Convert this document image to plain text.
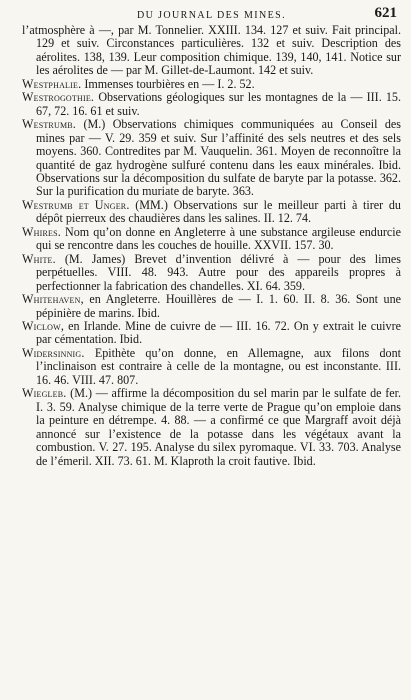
DU JOURNAL DES MINES.	621

l’atmosphère à —, par M. Tonnelier. XXIII. 134. 127 et suiv. Fait principal. 129 et suiv. Circonstances particulières. 132 et suiv. Description des aérolites. 138, 139. Leur composition chimique. 139, 140, 141. Notice sur les aérolites de — par M. Gillet-de-Laumont. 142 et suiv.

Westphalie. Immenses tourbières en — I. 2. 52.

Westrogothie. Observations géologiques sur les montagnes de la — III. 15. 67, 72. 16. 61 et suiv.

Westrumb. (M.) Observations chimiques communiquées au Conseil des mines par — V. 29. 359 et suiv. Sur l’affinité des sels neutres et des sels moyens. 360. Contredites par M. Vauquelin. 361. Moyen de reconnoître la quantité de gaz hydrogène sulfuré contenu dans les eaux minérales. Ibid. Observations sur la décomposition du sulfate de baryte par la potasse. 362. Sur la purification du muriate de baryte. 363.

Westrumb et Unger. (MM.) Observations sur le meilleur parti à tirer du dépôt pierreux des chaudières dans les salines. II. 12. 74.

Whires. Nom qu’on donne en Angleterre à une substance argileuse endurcie qui se rencontre dans les couches de houille. XXVII. 157. 30.

White. (M. James) Brevet d’invention délivré à — pour des limes perpétuelles. VIII. 48. 943. Autre pour des appareils propres à perfectionner la fabrication des chandelles. XI. 64. 359.

Whitehaven, en Angleterre. Houillères de — I. 1. 60. II. 8. 36. Sont une pépinière de marins. Ibid.

Wiclow, en Irlande. Mine de cuivre de — III. 16. 72. On y extrait le cuivre par cémentation. Ibid.

Widersinnig. Epithète qu’on donne, en Allemagne, aux filons dont l’inclinaison est contraire à celle de la montagne, ou est inconstante. III. 16. 46. VIII. 47. 807.

Wiegleb. (M.) — affirme la décomposition du sel marin par le sulfate de fer. I. 3. 59. Analyse chimique de la terre verte de Prague qu’on emploie dans la peinture en détrempe. 4. 88. — a confirmé ce que Margraff avoit déjà annoncé sur l’existence de la potasse dans les végétaux avant la combustion. V. 27. 195. Analyse du silex pyromaque. VI. 33. 703. Analyse de l’émeril. XII. 73. 61. M. Klaproth la croit fautive. Ibid.
